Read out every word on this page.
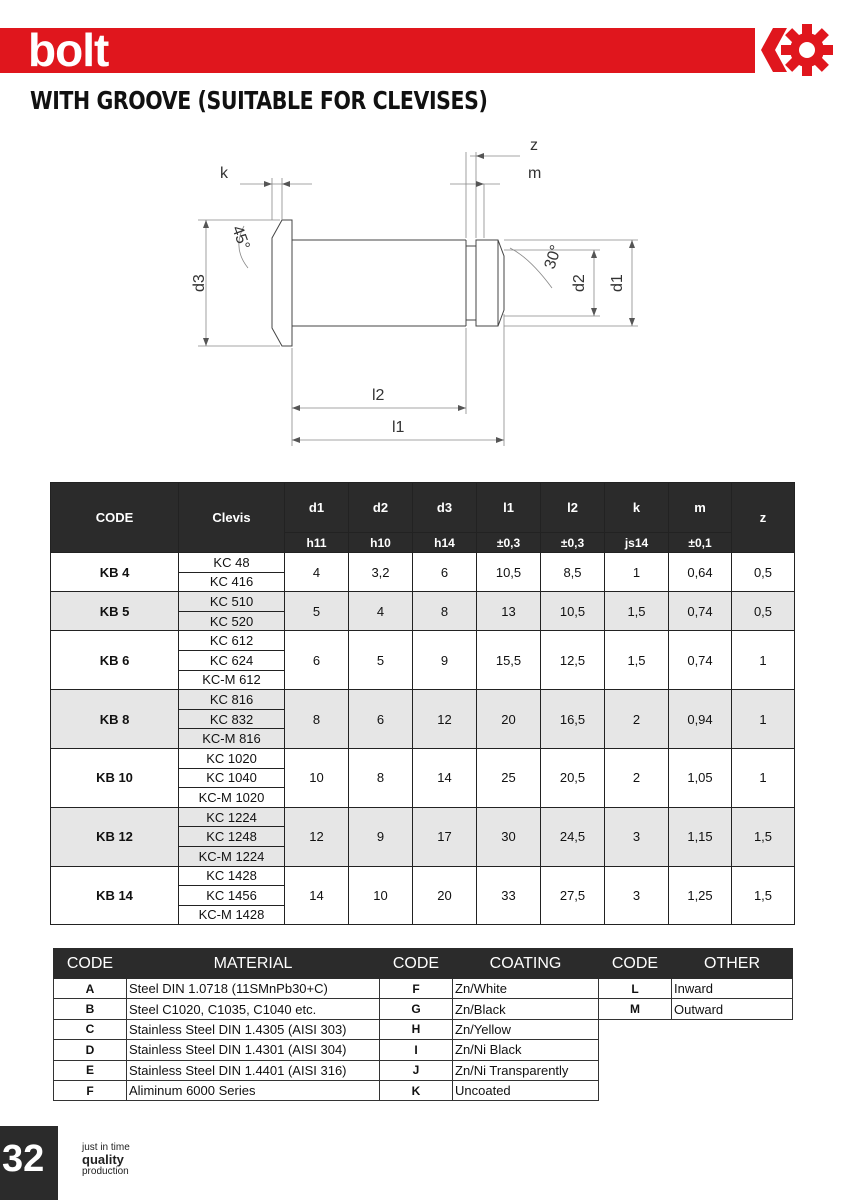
bolt
WITH GROOVE (SUITABLE FOR CLEVISES)
k
z
m
45°
30°
d3	d2 d1
l2
l1
CODE	Clevis	d1	d2	d3	l1	l2	k	m	z
		h11	h10	h14	±0,3	±0,3	js14	±0,1	
KB 4	KC 48	4	3,2	6	10,5	8,5	1	0,64	0,5
	KC 416								
KB 5	KC 510	5	4	8	13	10,5	1,5	0,74	0,5
	KC 520								
KB 6	KC 612	6	5	9	15,5	12,5	1,5	0,74	1
	KC 624								
	KC-M 612								
KB 8	KC 816	8	6	12	20	16,5	2	0,94	1
	KC 832								
	KC-M 816								
KB 10	KC 1020	10	8	14	25	20,5	2	1,05	1
	KC 1040								
	KC-M 1020								
KB 12	KC 1224	12	9	17	30	24,5	3	1,15	1,5
	KC 1248								
	KC-M 1224								
KB 14	KC 1428	14	10	20	33	27,5	3	1,25	1,5
	KC 1456								
	KC-M 1428								
CODE	MATERIAL	CODE	COATING	CODE	OTHER
A	Steel DIN 1.0718 (11SMnPb30+C)	F	Zn/White	L	Inward
B	Steel C1020, C1035, C1040 etc.	G	Zn/Black	M	Outward
C	Stainless Steel DIN 1.4305 (AISI 303)	H	Zn/Yellow		
D	Stainless Steel DIN 1.4301 (AISI 304)	I	Zn/Ni Black		
E	Stainless Steel DIN 1.4401 (AISI 316)	J	Zn/Ni Transparently		
F	Aliminum 6000 Series	K	Uncoated		
32	just in time
quality
production
